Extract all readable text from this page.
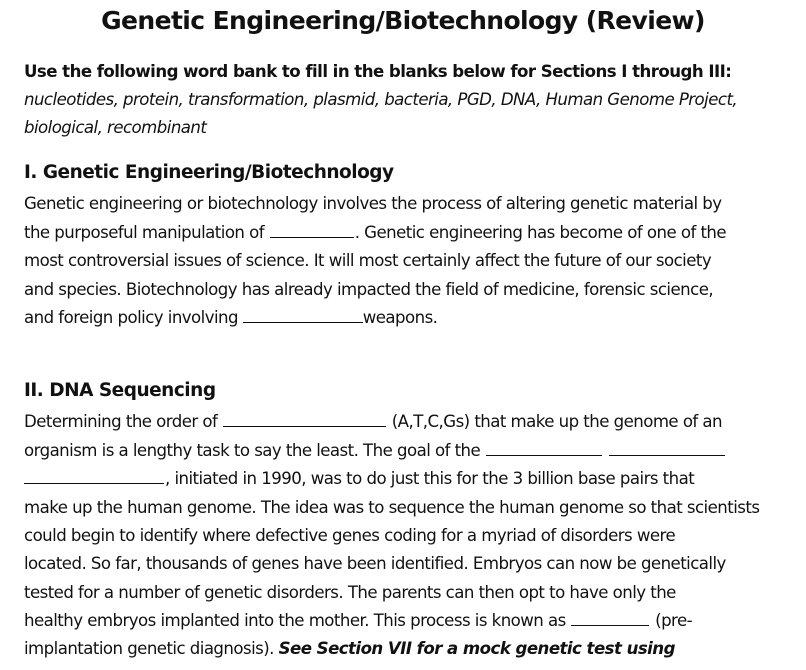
Genetic Engineering/Biotechnology (Review)
Use the following word bank to fill in the blanks below for Sections I through III:
nucleotides, protein, transformation, plasmid, bacteria, PGD, DNA, Human Genome Project,
biological, recombinant
I. Genetic Engineering/Biotechnology
Genetic engineering or biotechnology involves the process of altering genetic material by
the purposeful manipulation of	. Genetic engineering has become of one of the
most controversial issues of science. It will most certainly affect the future of our society
and species. Biotechnology has already impacted the field of medicine, forensic science,
and foreign policy involving	weapons.
II. DNA Sequencing
Determining the order of	(A,T,C,Gs) that make up the genome of an
organism is a lengthy task to say the least. The goal of the
, initiated in 1990, was to do just this for the 3 billion base pairs that
make up the human genome. The idea was to sequence the human genome so that scientists
could begin to identify where defective genes coding for a myriad of disorders were
located. So far, thousands of genes have been identified. Embryos can now be genetically
tested for a number of genetic disorders. The parents can then opt to have only the
healthy embryos implanted into the mother. This process is known as	(pre-
implantation genetic diagnosis). See Section VII for a mock genetic test using
